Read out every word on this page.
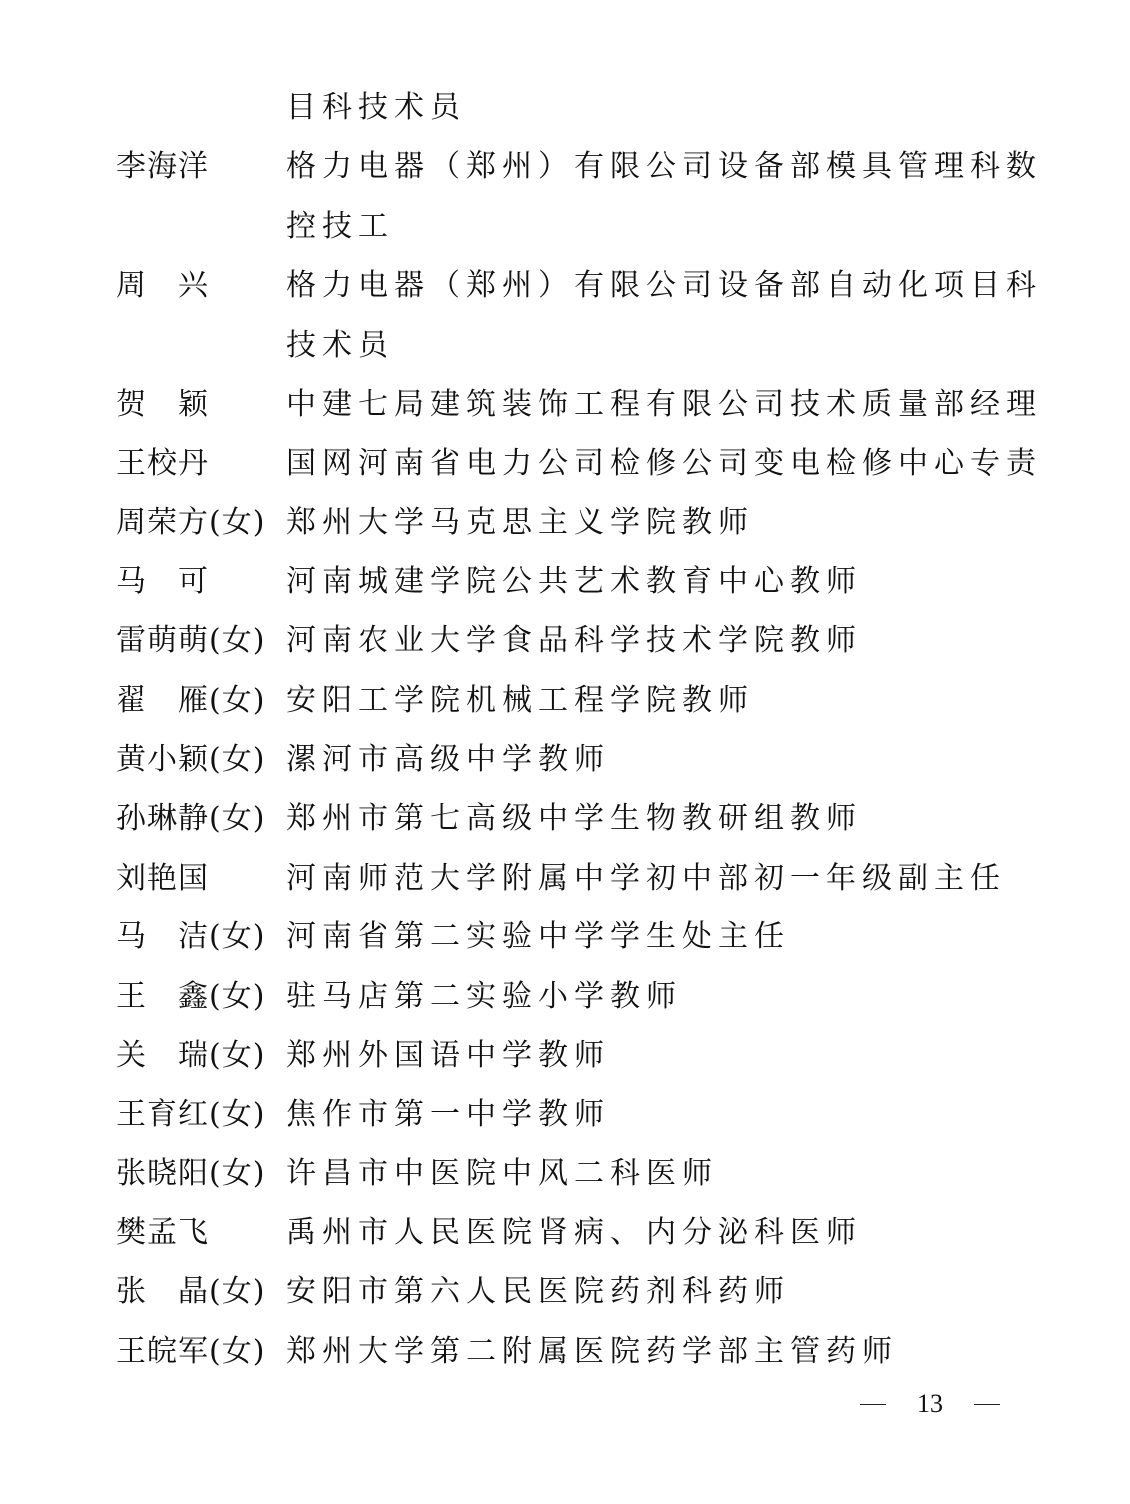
目科技术员
李海洋	格力电器（郑州）有限公司设备部模具管理科数
控技工
周　兴	格力电器（郑州）有限公司设备部自动化项目科
技术员
贺　颖	中建七局建筑装饰工程有限公司技术质量部经理
王校丹	国网河南省电力公司检修公司变电检修中心专责
周荣方(女) 郑州大学马克思主义学院教师
马　可	河南城建学院公共艺术教育中心教师
雷萌萌(女) 河南农业大学食品科学技术学院教师
翟　雁(女) 安阳工学院机械工程学院教师
黄小颖(女) 漯河市高级中学教师
孙琳静(女) 郑州市第七高级中学生物教研组教师
刘艳国	河南师范大学附属中学初中部初一年级副主任
马　洁(女) 河南省第二实验中学学生处主任
王　鑫(女) 驻马店第二实验小学教师
关　瑞(女) 郑州外国语中学教师
王育红(女) 焦作市第一中学教师
张晓阳(女) 许昌市中医院中风二科医师
樊孟飞	禹州市人民医院肾病、内分泌科医师
张　晶(女) 安阳市第六人民医院药剂科药师
王皖军(女) 郑州大学第二附属医院药学部主管药师
13
